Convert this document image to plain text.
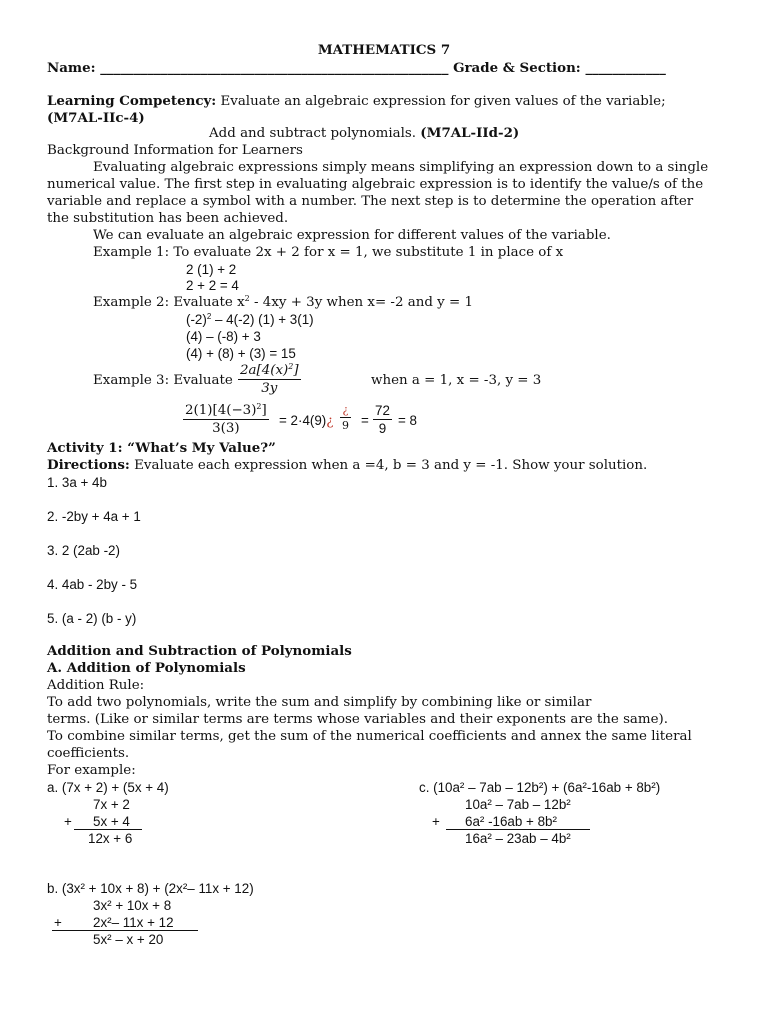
MATHEMATICS 7
Name: ____________________________________________________ Grade & Section: ____________
Learning Competency: Evaluate an algebraic expression for given values of the variable;
(M7AL-IIc-4)
Add and subtract polynomials. (M7AL-IId-2)
Background Information for Learners
Evaluating algebraic expressions simply means simplifying an expression down to a single
numerical value. The first step in evaluating algebraic expression is to identify the value/s of the
variable and replace a symbol with a number. The next step is to determine the operation after
the substitution has been achieved.
We can evaluate an algebraic expression for different values of the variable.
Example 1: To evaluate 2x + 2 for x = 1, we substitute 1 in place of x
2 (1) + 2
2 + 2 = 4
Example 2: Evaluate $x^2 - 4xy + 3y$ when x= -2 and y = 1
$(-2)^2 - 4(-2) (1) + 3(1)$
(4) – (-8) + 3
(4) + (8) + (3) = 15
Example 3: Evaluate $\frac{2a[4(x)^2]}{3y}$	when a = 1, x = -3, y = 3
$\frac{2(1)[4(-3)^2]}{3(3)}$ = 2·4(9)¿
¿
$9 = \frac{72}{9} = 8$
Activity 1: “What’s My Value?”
Directions: Evaluate each expression when a =4, b = 3 and y = -1. Show your solution.
1. 3a + 4b
2. -2by + 4a + 1
3. 2 (2ab -2)
4. 4ab - 2by - 5
5. (a - 2) (b - y)
Addition and Subtraction of Polynomials
A. Addition of Polynomials
Addition Rule:
To add two polynomials, write the sum and simplify by combining like or similar
terms. (Like or similar terms are terms whose variables and their exponents are the same).
To combine similar terms, get the sum of the numerical coefficients and annex the same literal
coefficients.
For example:
a. (7x + 2) + (5x + 4)
7x + 2
+ 5x + 4
12x + 6
c. (10a² – 7ab – 12b²) + (6a²-16ab + 8b²)
10a² – 7ab – 12b²
+ 6a² -16ab + 8b²
16a² – 23ab – 4b²
b. (3x² + 10x + 8) + (2x²– 11x + 12)
3x² + 10x + 8
+ 2x²– 11x + 12
5x² – x + 20
